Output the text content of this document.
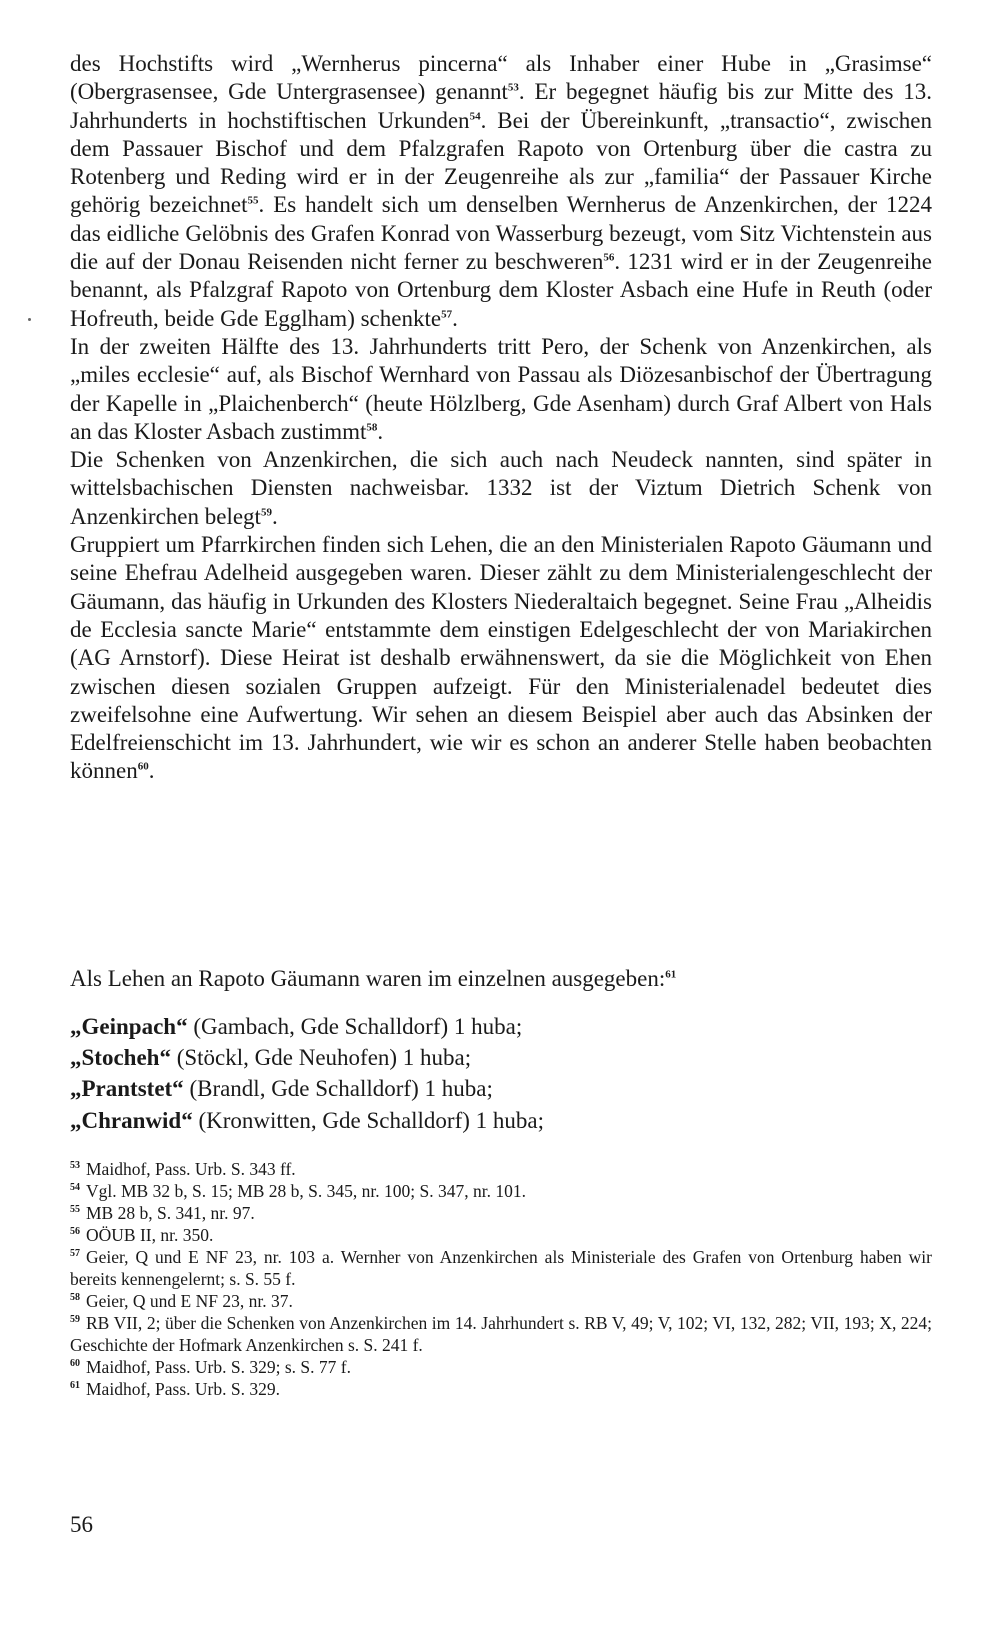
des Hochstifts wird „Wernherus pincerna“ als Inhaber einer Hube in „Grasimse“ (Obergrasensee, Gde Untergrasensee) genannt$^{53}$. Er begegnet häufig bis zur Mitte des 13. Jahrhunderts in hochstiftischen Urkunden$^{54}$. Bei der Übereinkunft, „transactio“, zwischen dem Passauer Bischof und dem Pfalzgrafen Rapoto von Ortenburg über die castra zu Rotenberg und Reding wird er in der Zeugenreihe als zur „familia“ der Passauer Kirche gehörig bezeichnet$^{55}$. Es handelt sich um denselben Wernherus de Anzenkirchen, der 1224 das eidliche Gelöbnis des Grafen Konrad von Wasserburg bezeugt, vom Sitz Vichtenstein aus die auf der Donau Reisenden nicht ferner zu beschweren$^{56}$. 1231 wird er in der Zeugenreihe benannt, als Pfalzgraf Rapoto von Ortenburg dem Kloster Asbach eine Hufe in Reuth (oder Hofreuth, beide Gde Egglham) schenkte$^{57}$.

In der zweiten Hälfte des 13. Jahrhunderts tritt Pero, der Schenk von Anzenkirchen, als „miles ecclesie“ auf, als Bischof Wernhard von Passau als Diözesanbischof der Übertragung der Kapelle in „Plaichenberch“ (heute Hölzlberg, Gde Asenham) durch Graf Albert von Hals an das Kloster Asbach zustimmt$^{58}$.

Die Schenken von Anzenkirchen, die sich auch nach Neudeck nannten, sind später in wittelsbachischen Diensten nachweisbar. 1332 ist der Viztum Dietrich Schenk von Anzenkirchen belegt$^{59}$.

Gruppiert um Pfarrkirchen finden sich Lehen, die an den Ministerialen Rapoto Gäumann und seine Ehefrau Adelheid ausgegeben waren. Dieser zählt zu dem Ministerialengeschlecht der Gäumann, das häufig in Urkunden des Klosters Niederaltaich begegnet. Seine Frau „Alheidis de Ecclesia sancte Marie“ entstammte dem einstigen Edelgeschlecht der von Mariakirchen (AG Arnstorf). Diese Heirat ist deshalb erwähnenswert, da sie die Möglichkeit von Ehen zwischen diesen sozialen Gruppen aufzeigt. Für den Ministerialenadel bedeutet dies zweifelsohne eine Aufwertung. Wir sehen an diesem Beispiel aber auch das Absinken der Edelfreienschicht im 13. Jahrhundert, wie wir es schon an anderer Stelle haben beobachten können$^{60}$.

Als Lehen an Rapoto Gäumann waren im einzelnen ausgegeben:$^{61}$
„Geinpach“ (Gambach, Gde Schalldorf) 1 huba;
„Stocheh“ (Stöckl, Gde Neuhofen) 1 huba;
„Prantstet“ (Brandl, Gde Schalldorf) 1 huba;
„Chranwid“ (Kronwitten, Gde Schalldorf) 1 huba;

$^{53}$ Maidhof, Pass. Urb. S. 343 ff.

$^{54}$ Vgl. MB 32 b, S. 15; MB 28 b, S. 345, nr. 100; S. 347, nr. 101.

$^{55}$ MB 28 b, S. 341, nr. 97.

$^{56}$ OÖUB II, nr. 350.

$^{57}$ Geier, Q und E NF 23, nr. 103 a. Wernher von Anzenkirchen als Ministeriale des Grafen von Ortenburg haben wir bereits kennengelernt; s. S. 55 f.

$^{58}$ Geier, Q und E NF 23, nr. 37.

$^{59}$ RB VII, 2; über die Schenken von Anzenkirchen im 14. Jahrhundert s. RB V, 49; V, 102; VI, 132, 282; VII, 193; X, 224; Geschichte der Hofmark Anzenkirchen s. S. 241 f.

$^{60}$ Maidhof, Pass. Urb. S. 329; s. S. 77 f.

$^{61}$ Maidhof, Pass. Urb. S. 329.

56
